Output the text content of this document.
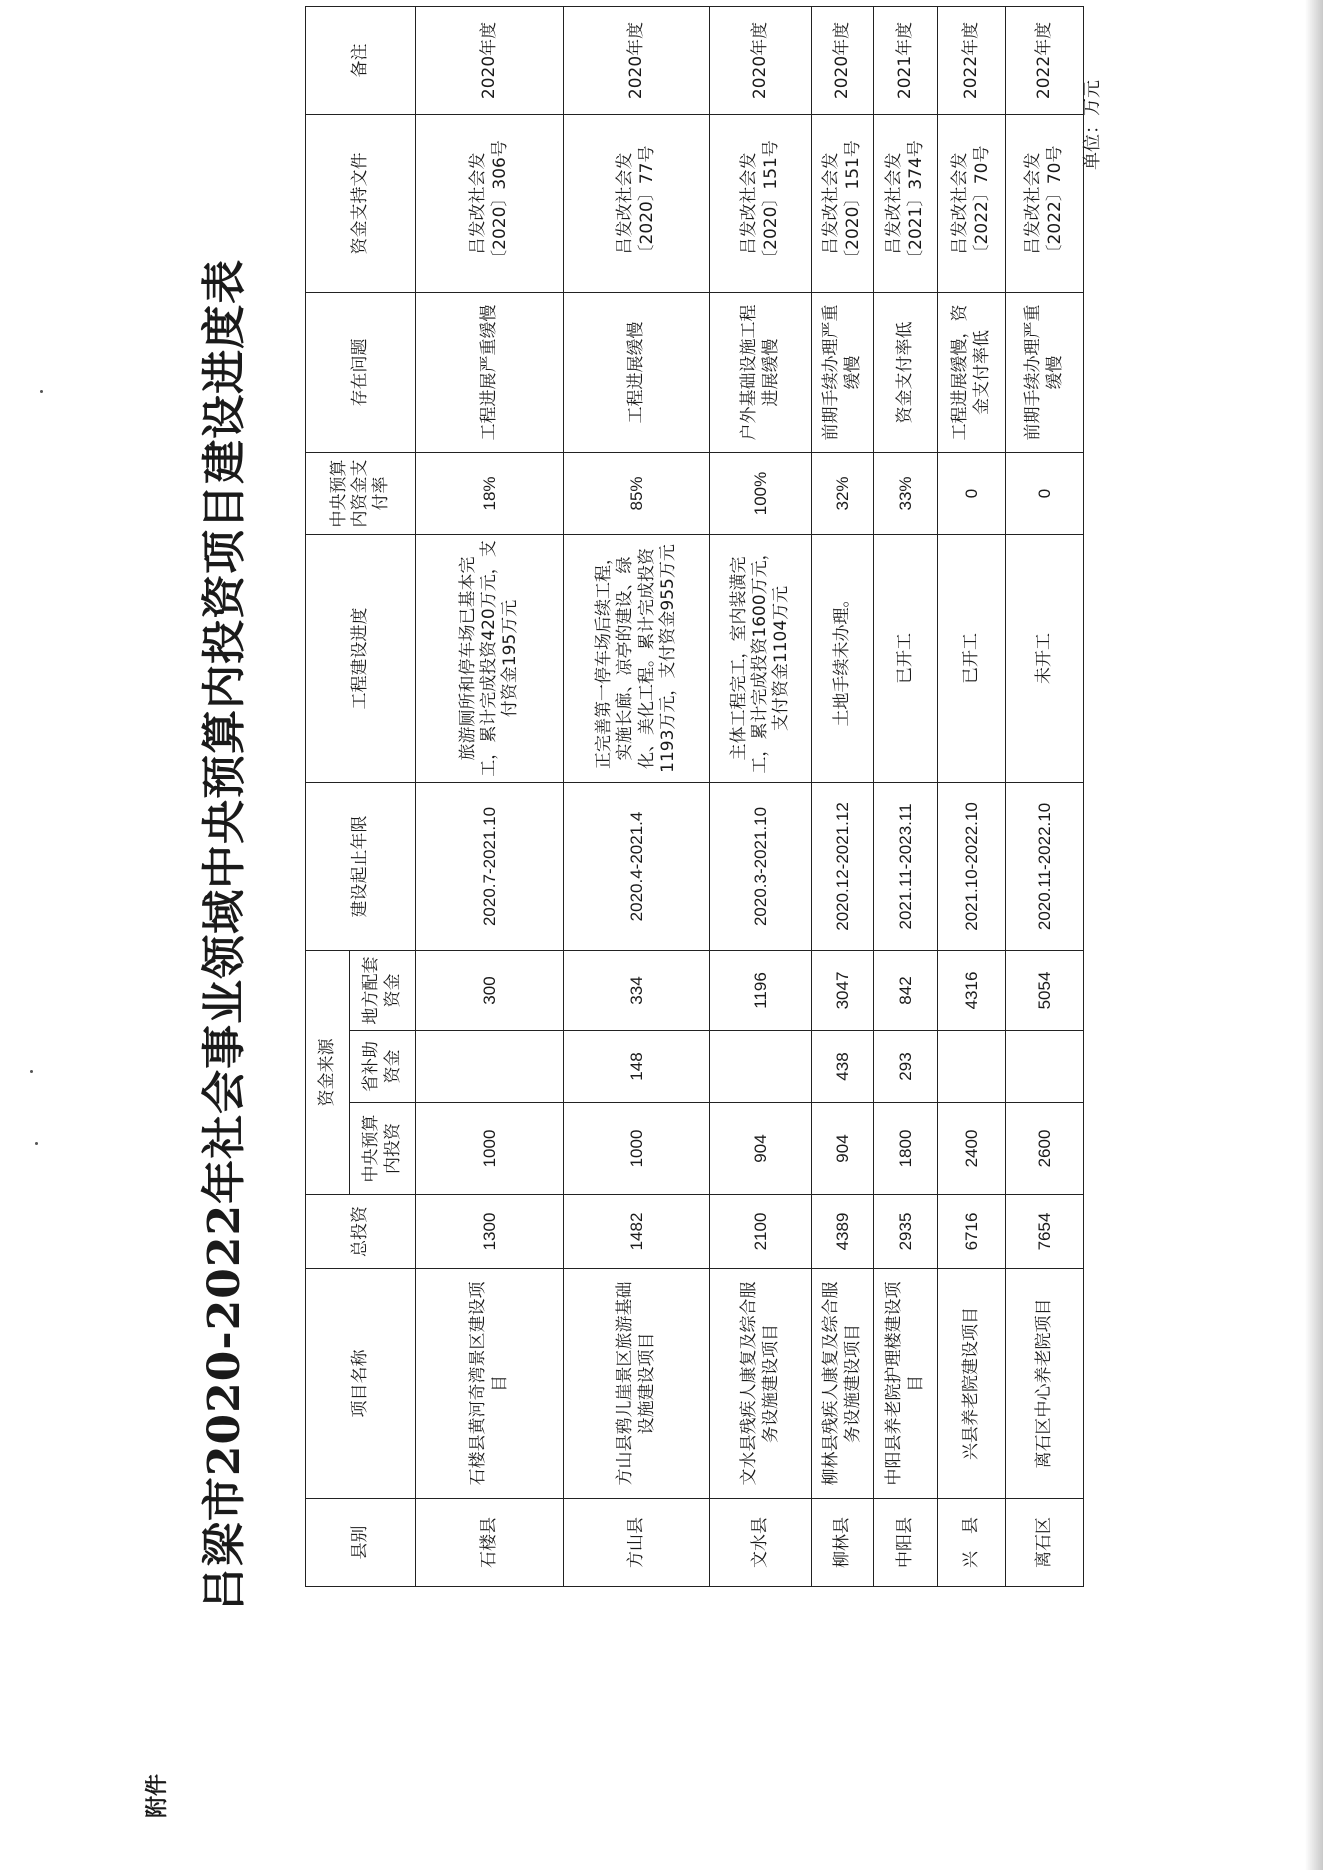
附件
吕梁市2020-2022年社会事业领域中央预算内投资项目建设进度表
单位：万元
县别	项目名称	总投资	资金来源			建设起止年限	工程建设进度	中央预算内资金支付率	存在问题	资金支持文件	备注
			中央预算内投资	省补助资金	地方配套资金						
石楼县	石楼县黄河奇湾景区建设项目	1300	1000		300	2020.7-2021.10	旅游厕所和停车场已基本完工，累计完成投资420万元，支付资金195万元	18%	工程进展严重缓慢	吕发改社会发〔2020〕306号	2020年度
方山县	方山县鸦儿崖景区旅游基础设施建设项目	1482	1000	148	334	2020.4-2021.4	正完善第一停车场后续工程，实施长廊、凉亭的建设、绿化、美化工程。累计完成投资1193万元，支付资金955万元	85%	工程进展缓慢	吕发改社会发〔2020〕77号	2020年度
文水县	文水县残疾人康复及综合服务设施建设项目	2100	904		1196	2020.3-2021.10	主体工程完工，室内装潢完工，累计完成投资1600万元，支付资金1104万元	100%	户外基础设施工程进展缓慢	吕发改社会发〔2020〕151号	2020年度
柳林县	柳林县残疾人康复及综合服务设施建设项目	4389	904	438	3047	2020.12-2021.12	土地手续未办理。	32%	前期手续办理严重缓慢	吕发改社会发〔2020〕151号	2020年度
中阳县	中阳县养老院护理楼建设项目	2935	1800	293	842	2021.11-2023.11	已开工	33%	资金支付率低	吕发改社会发〔2021〕374号	2021年度
兴　县	兴县养老院建设项目	6716	2400		4316	2021.10-2022.10	已开工	0	工程进展缓慢，资金支付率低	吕发改社会发〔2022〕70号	2022年度
离石区	离石区中心养老院项目	7654	2600		5054	2020.11-2022.10	未开工	0	前期手续办理严重缓慢	吕发改社会发〔2022〕70号	2022年度
